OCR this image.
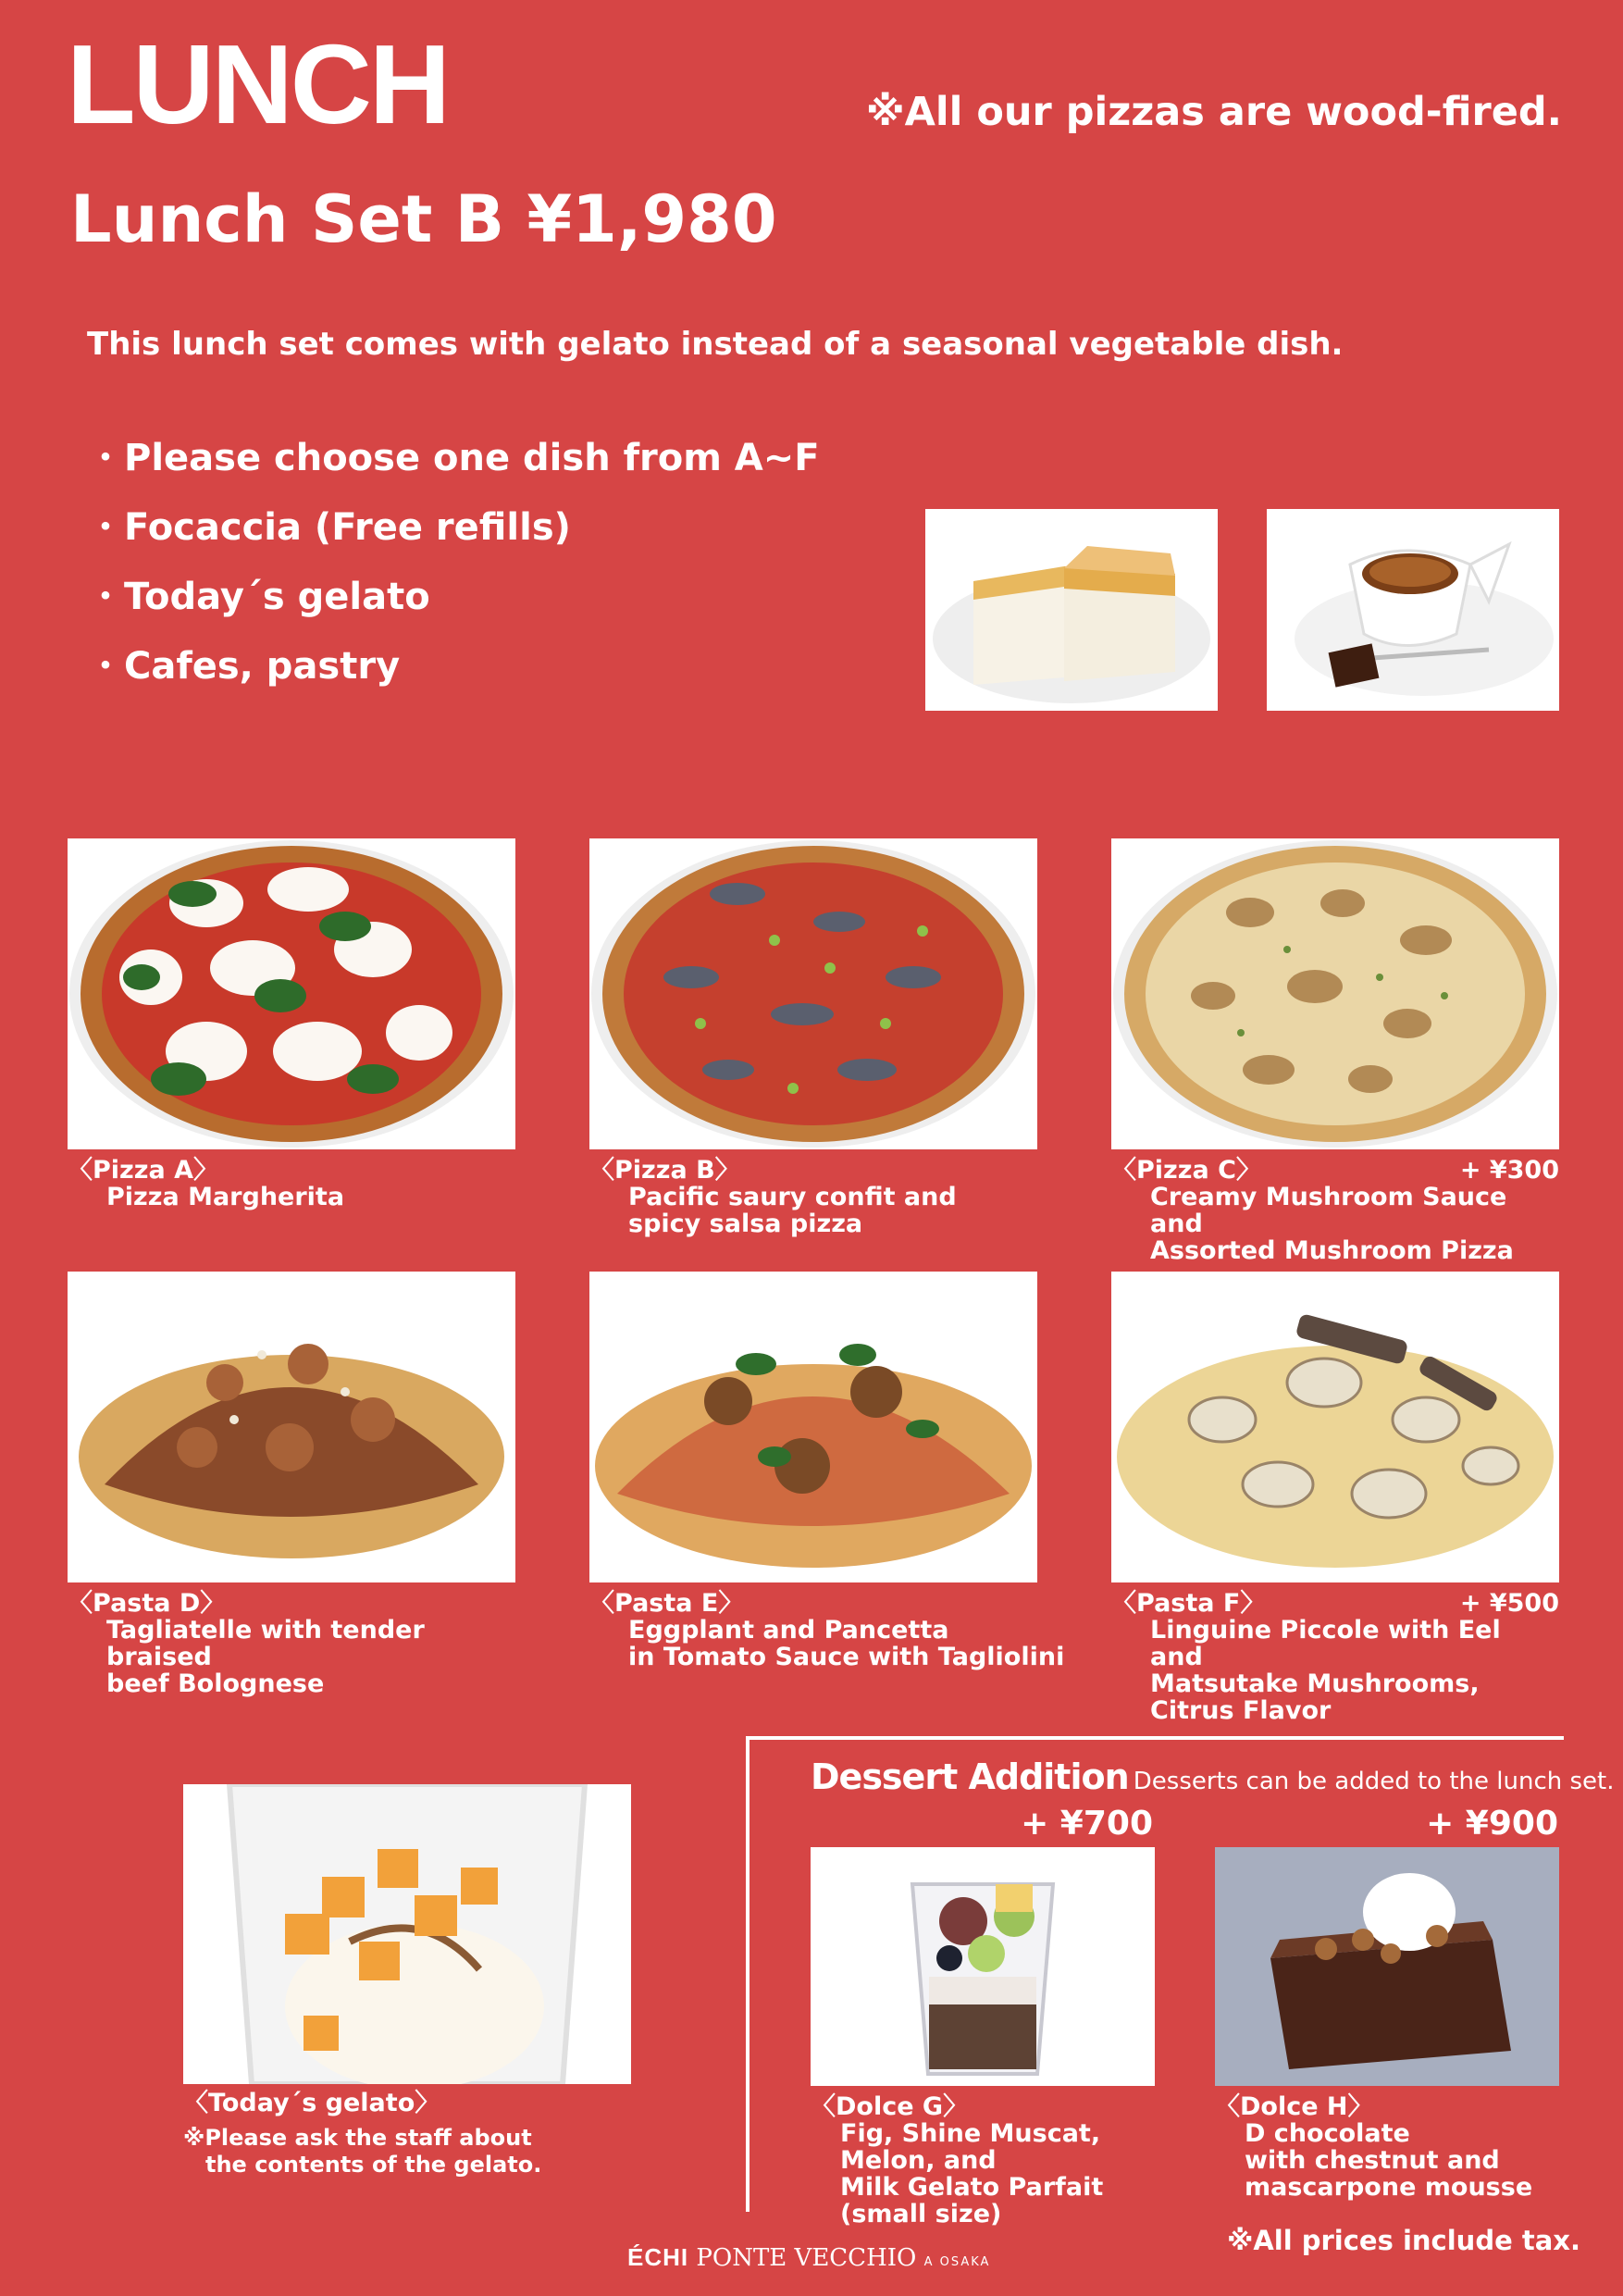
LUNCH	※All our pizzas are wood-fired.
Lunch Set B ¥1,980
This lunch set comes with gelato instead of a seasonal vegetable dish.
・Please choose one dish from A~F
・Focaccia (Free refills)
・Today´s gelato
・Cafes, pastry
〈Pizza A〉
Pizza Margherita
〈Pizza B〉
Pacific saury confit and
spicy salsa pizza
〈Pizza C〉	+ ¥300
Creamy Mushroom Sauce and
Assorted Mushroom Pizza
〈Pasta D〉
Tagliatelle with tender braised
beef Bolognese
〈Pasta E〉
Eggplant and Pancetta
in Tomato Sauce with Tagliolini
〈Pasta F〉	+ ¥500
Linguine Piccole with Eel and
Matsutake Mushrooms,
Citrus Flavor
〈Today´s gelato〉
※Please ask the staff about
　the contents of the gelato.
Dessert Addition Desserts can be added to the lunch set.
+ ¥700	+ ¥900
〈Dolce G〉
Fig, Shine Muscat,
Melon, and
Milk Gelato Parfait
(small size)
〈Dolce H〉
D chocolate
with chestnut and
mascarpone mousse
ÉCHI PONTE VECCHIO A OSAKA
※All prices include tax.
